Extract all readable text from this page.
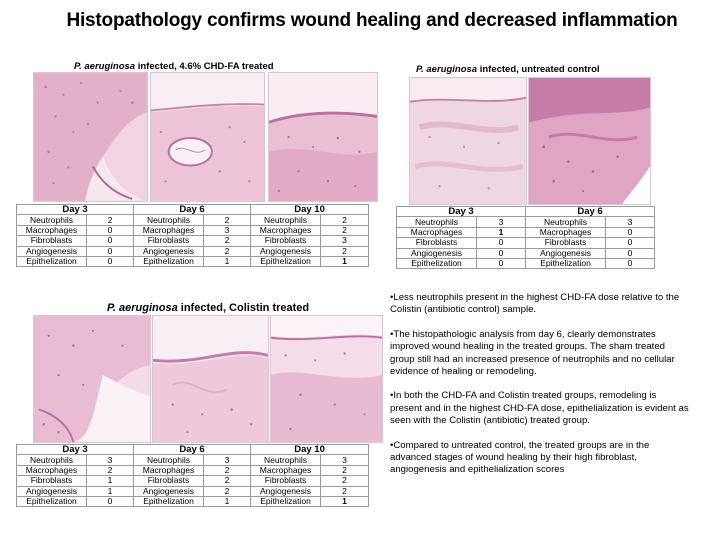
Histopathology confirms wound healing and decreased inflammation
P. aeruginosa infected, 4.6% CHD-FA treated
Day 3		Day 6		Day 10	
Neutrophils	2	Neutrophils	2	Neutrophils	2
Macrophages	0	Macrophages	3	Macrophages	2
Fibroblasts	0	Fibroblasts	2	Fibroblasts	3
Angiogenesis	0	Angiogenesis	2	Angiogenesis	2
Epithelization	0	Epithelization	1	Epithelization	1
P. aeruginosa infected, untreated control
Day 3		Day 6	
Neutrophils	3	Neutrophils	3
Macrophages	1	Macrophages	0
Fibroblasts	0	Fibroblasts	0
Angiogenesis	0	Angiogenesis	0
Epithelization	0	Epithelization	0
P. aeruginosa infected, Colistin treated
Day 3		Day 6		Day 10	
Neutrophils	3	Neutrophils	3	Neutrophils	3
Macrophages	2	Macrophages	2	Macrophages	2
Fibroblasts	1	Fibroblasts	2	Fibroblasts	2
Angiogenesis	1	Angiogenesis	2	Angiogenesis	2
Epithelization	0	Epithelization	1	Epithelization	1

•Less neutrophils present in the highest CHD-FA dose relative to the Colistin (antibiotic control) sample.

•The histopathologic analysis from day 6, clearly demonstrates improved wound healing in the treated groups. The sham treated group still had an increased presence of neutrophils and no cellular evidence of healing or remodeling.

•In both the CHD-FA and Colistin treated groups, remodeling is present and in the highest CHD-FA dose, epithelialization is evident as seen with the Colistin (antibiotic) treated group.

•Compared to untreated control, the treated groups are in the advanced stages of wound healing by their high fibroblast, angiogenesis and epithelialization scores
